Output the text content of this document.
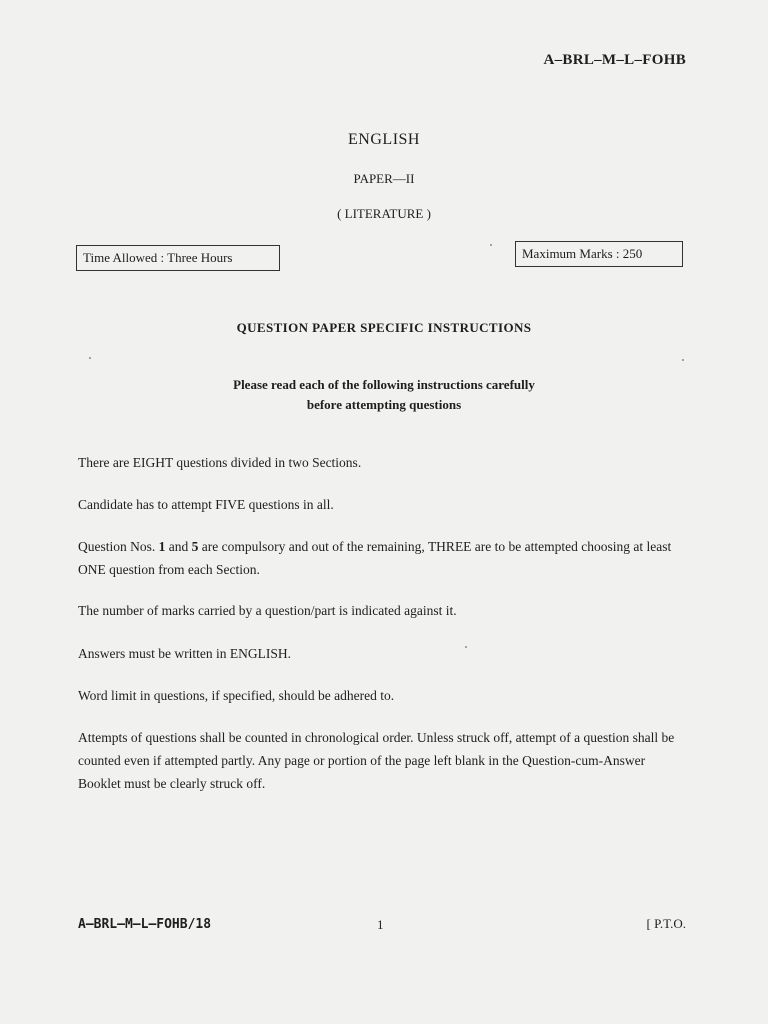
A–BRL–M–L–FOHB
ENGLISH
PAPER—II
( LITERATURE )
Time Allowed : Three Hours	Maximum Marks : 250
QUESTION PAPER SPECIFIC INSTRUCTIONS
Please read each of the following instructions carefully
before attempting questions
There are EIGHT questions divided in two Sections.
Candidate has to attempt FIVE questions in all.
Question Nos. 1 and 5 are compulsory and out of the remaining, THREE are to be attempted choosing at least ONE question from each Section.
The number of marks carried by a question/part is indicated against it.
Answers must be written in ENGLISH.
Word limit in questions, if specified, should be adhered to.
Attempts of questions shall be counted in chronological order. Unless struck off, attempt of a question shall be counted even if attempted partly. Any page or portion of the page left blank in the Question-cum-Answer Booklet must be clearly struck off.
A–BRL–M–L–FOHB/18	1	[ P.T.O.
